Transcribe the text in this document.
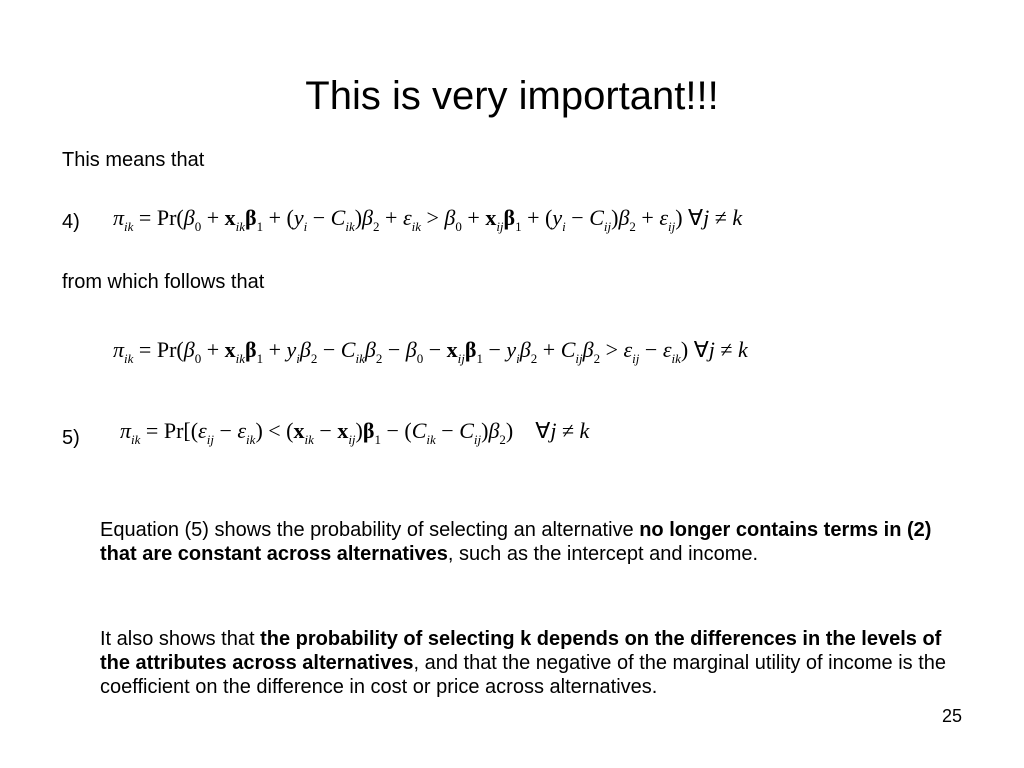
This is very important!!!
This means that
4) $\pi_{ik} = Pr(\beta_0 + x_{ik}\beta_1 + (y_i - C_{ik})\beta_2 + \varepsilon_{ik} > \beta_0 + x_{ij}\beta_1 + (y_i - C_{ij})\beta_2 + \varepsilon_{ij})$ ∀j ≠ k
from which follows that
$\pi_{ik} = Pr(\beta_0 + x_{ik}\beta_1 + y_i\beta_2 - C_{ik}\beta_2 - \beta_0 - x_{ij}\beta_1 - y_i\beta_2 + C_{ij}\beta_2 > \varepsilon_{ij} - \varepsilon_{ik})$ ∀j ≠ k
5) $\pi_{ik} = Pr[(\varepsilon_{ij} - \varepsilon_{ik}) < (x_{ik} - x_{ij})\beta_1 - (C_{ik} - C_{ij})\beta_2)$    ∀j ≠ k
Equation (5) shows the probability of selecting an alternative no longer contains terms in (2) that are constant across alternatives, such as the intercept and income.
It also shows that the probability of selecting k depends on the differences in the levels of the attributes across alternatives, and that the negative of the marginal utility of income is the coefficient on the difference in cost or price across alternatives.
25
